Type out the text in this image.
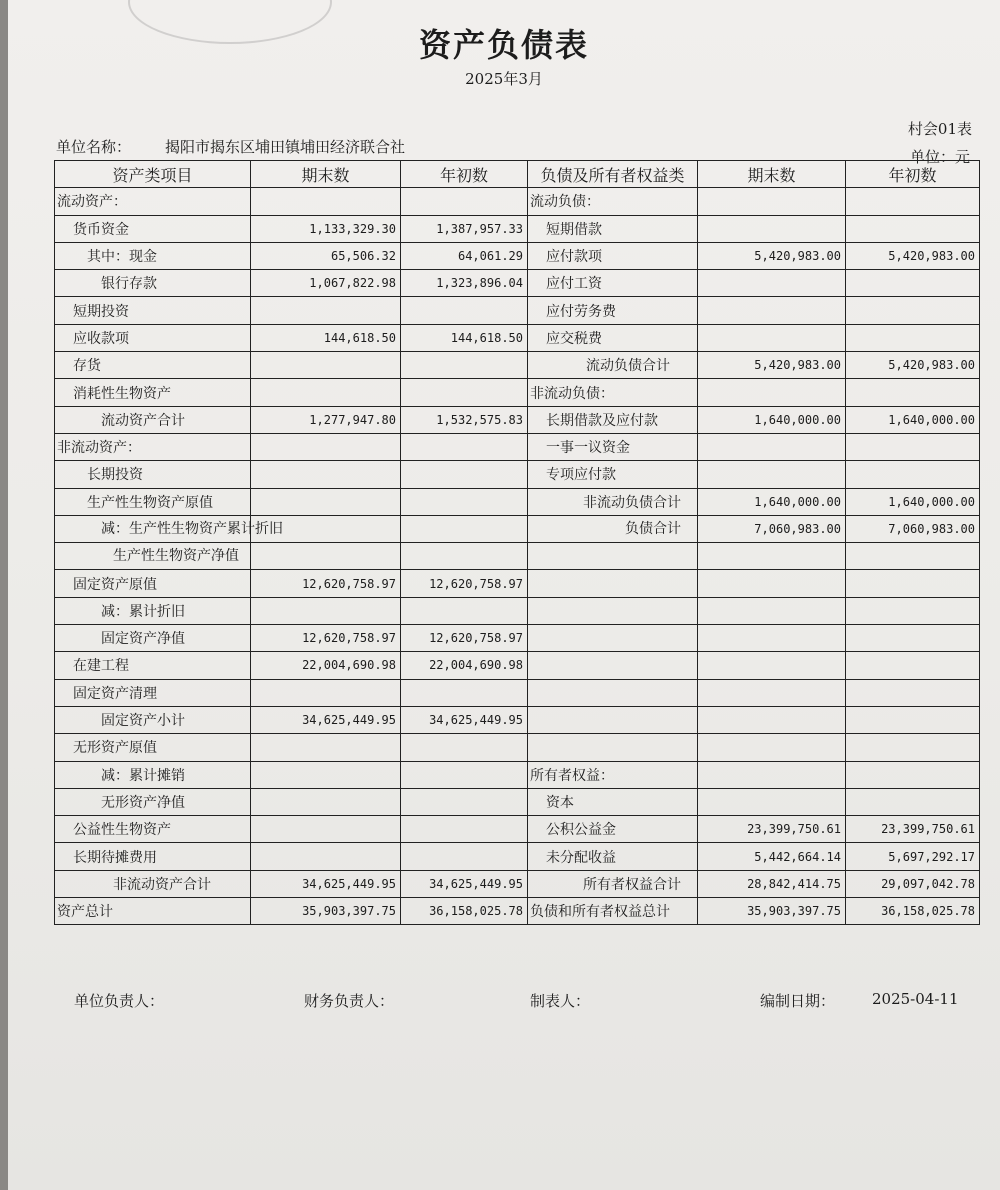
资产负债表
2025年3月
村会01表
单位名称： 揭阳市揭东区埔田镇埔田经济联合社
单位：元
资产类项目	期末数	年初数	负债及所有者权益类	期末数	年初数
流动资产：			流动负债：		
货币资金	1,133,329.30	1,387,957.33	短期借款		
其中：现金	65,506.32	64,061.29	应付款项	5,420,983.00	5,420,983.00
银行存款	1,067,822.98	1,323,896.04	应付工资		
短期投资			应付劳务费		
应收款项	144,618.50	144,618.50	应交税费		
存货			流动负债合计	5,420,983.00	5,420,983.00
消耗性生物资产			非流动负债：		
流动资产合计	1,277,947.80	1,532,575.83	长期借款及应付款	1,640,000.00	1,640,000.00
非流动资产：			一事一议资金		
长期投资			专项应付款		
生产性生物资产原值			非流动负债合计	1,640,000.00	1,640,000.00
减：生产性生物资产累计折旧			负债合计	7,060,983.00	7,060,983.00
生产性生物资产净值					
固定资产原值	12,620,758.97	12,620,758.97			
减：累计折旧					
固定资产净值	12,620,758.97	12,620,758.97			
在建工程	22,004,690.98	22,004,690.98			
固定资产清理					
固定资产小计	34,625,449.95	34,625,449.95			
无形资产原值					
减：累计摊销			所有者权益：		
无形资产净值			资本		
公益性生物资产			公积公益金	23,399,750.61	23,399,750.61
长期待摊费用			未分配收益	5,442,664.14	5,697,292.17
非流动资产合计	34,625,449.95	34,625,449.95	所有者权益合计	28,842,414.75	29,097,042.78
资产总计	35,903,397.75	36,158,025.78	负债和所有者权益总计	35,903,397.75	36,158,025.78
单位负责人：	财务负责人：	制表人：	编制日期： 2025-04-11
